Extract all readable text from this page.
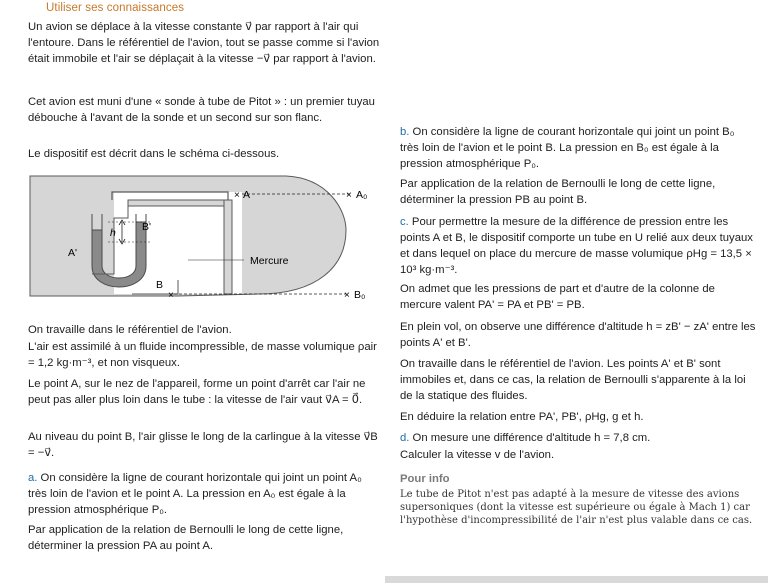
Utiliser ses connaissances

Un avion se déplace à la vitesse constante v⃗ par rapport à l'air qui l'entoure. Dans le référentiel de l'avion, tout se passe comme si l'avion était immobile et l'air se déplaçait à la vitesse −v⃗ par rapport à l'avion.

Cet avion est muni d'une « sonde à tube de Pitot » : un premier tuyau débouche à l'avant de la sonde et un second sur son flanc.

Le dispositif est décrit dans le schéma ci-dessous.

×	×
×	×
A	A₀
B
B₀
A'
B'
h
Mercure

On travaille dans le référentiel de l'avion.

L'air est assimilé à un fluide incompressible, de masse volumique ρair = 1,2 kg·m⁻³, et non visqueux.

Le point A, sur le nez de l'appareil, forme un point d'arrêt car l'air ne peut pas aller plus loin dans le tube : la vitesse de l'air vaut v⃗A = 0⃗.

Au niveau du point B, l'air glisse le long de la carlingue à la vitesse v⃗B = −v⃗.

a. On considère la ligne de courant horizontale qui joint un point A₀ très loin de l'avion et le point A. La pression en A₀ est égale à la pression atmosphérique P₀.

Par application de la relation de Bernoulli le long de cette ligne, déterminer la pression PA au point A.

b. On considère la ligne de courant horizontale qui joint un point B₀ très loin de l'avion et le point B. La pression en B₀ est égale à la pression atmosphérique P₀.

Par application de la relation de Bernoulli le long de cette ligne, déterminer la pression PB au point B.

c. Pour permettre la mesure de la différence de pression entre les points A et B, le dispositif comporte un tube en U relié aux deux tuyaux et dans lequel on place du mercure de masse volumique ρHg = 13,5 × 10³ kg·m⁻³.

On admet que les pressions de part et d'autre de la colonne de mercure valent PA' = PA et PB' = PB.

En plein vol, on observe une différence d'altitude h = zB' − zA' entre les points A' et B'.

On travaille dans le référentiel de l'avion. Les points A' et B' sont immobiles et, dans ce cas, la relation de Bernoulli s'apparente à la loi de la statique des fluides.

En déduire la relation entre PA', PB', ρHg, g et h.

d. On mesure une différence d'altitude h = 7,8 cm.

Calculer la vitesse v de l'avion.

Pour info
Le tube de Pitot n'est pas adapté à la mesure de vitesse des avions supersoniques (dont la vitesse est supérieure ou égale à Mach 1) car l'hypothèse d'incompressibilité de l'air n'est plus valable dans ce cas.
